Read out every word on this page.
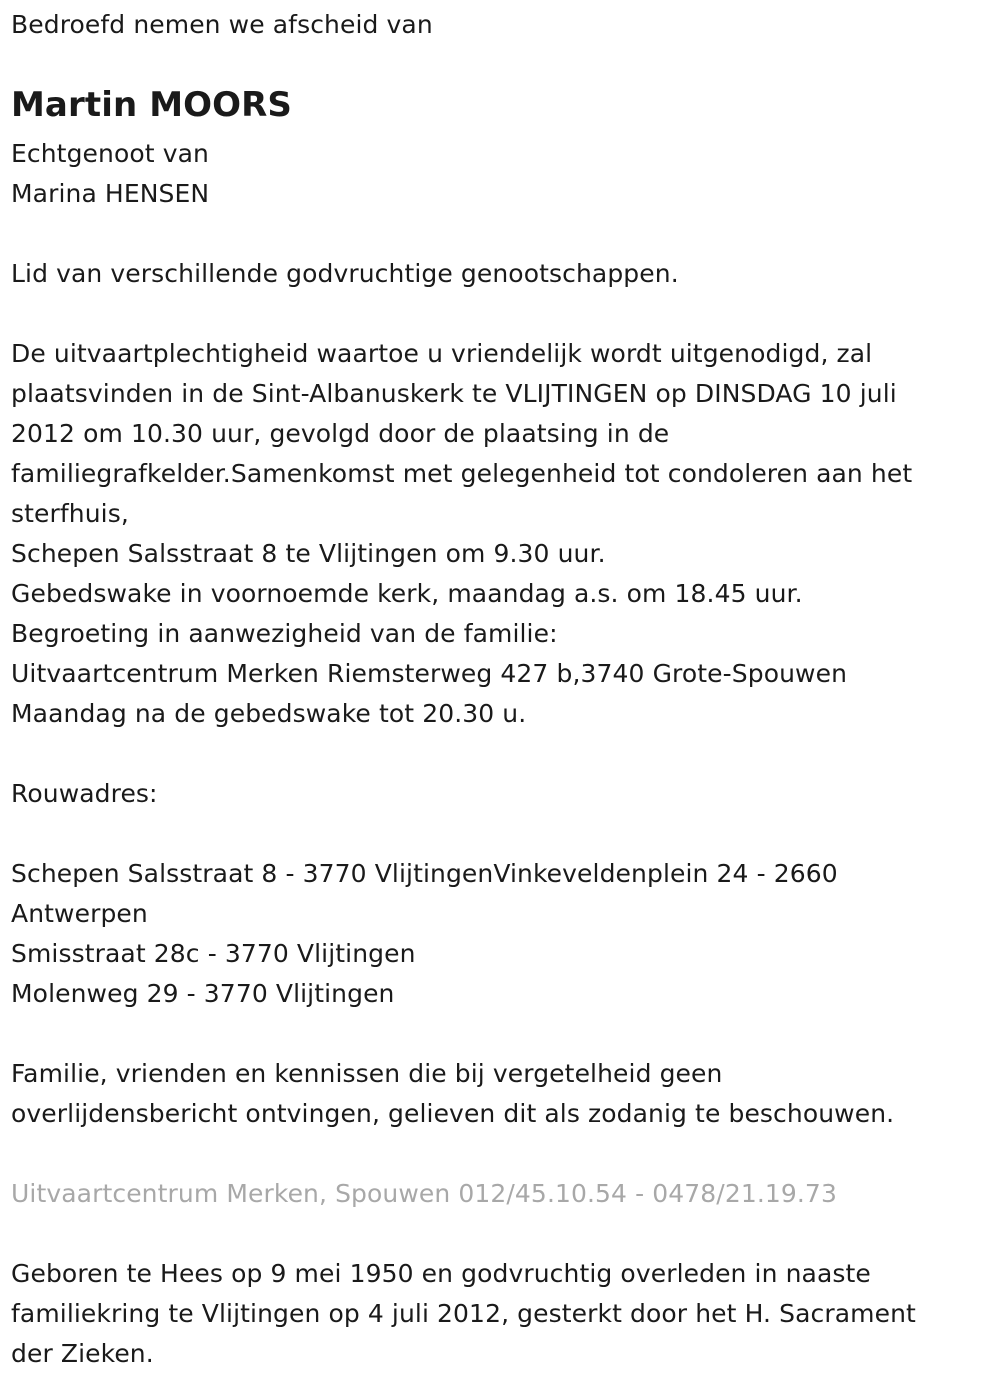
Bedroefd nemen we afscheid van
Martin MOORS
Echtgenoot van
Marina HENSEN
Lid van verschillende godvruchtige genootschappen.
De uitvaartplechtigheid waartoe u vriendelijk wordt uitgenodigd, zal
plaatsvinden in de Sint-Albanuskerk te VLIJTINGEN op DINSDAG 10 juli
2012 om 10.30 uur, gevolgd door de plaatsing in de
familiegrafkelder.Samenkomst met gelegenheid tot condoleren aan het
sterfhuis,
Schepen Salsstraat 8 te Vlijtingen om 9.30 uur.
Gebedswake in voornoemde kerk, maandag a.s. om 18.45 uur.
Begroeting in aanwezigheid van de familie:
Uitvaartcentrum Merken Riemsterweg 427 b,3740 Grote-Spouwen
Maandag na de gebedswake tot 20.30 u.
Rouwadres:
Schepen Salsstraat 8 - 3770 VlijtingenVinkeveldenplein 24 - 2660
Antwerpen
Smisstraat 28c - 3770 Vlijtingen
Molenweg 29 - 3770 Vlijtingen
Familie, vrienden en kennissen die bij vergetelheid geen
overlijdensbericht ontvingen, gelieven dit als zodanig te beschouwen.
Uitvaartcentrum Merken, Spouwen 012/45.10.54 - 0478/21.19.73
Geboren te Hees op 9 mei 1950 en godvruchtig overleden in naaste
familiekring te Vlijtingen op 4 juli 2012, gesterkt door het H. Sacrament
der Zieken.
